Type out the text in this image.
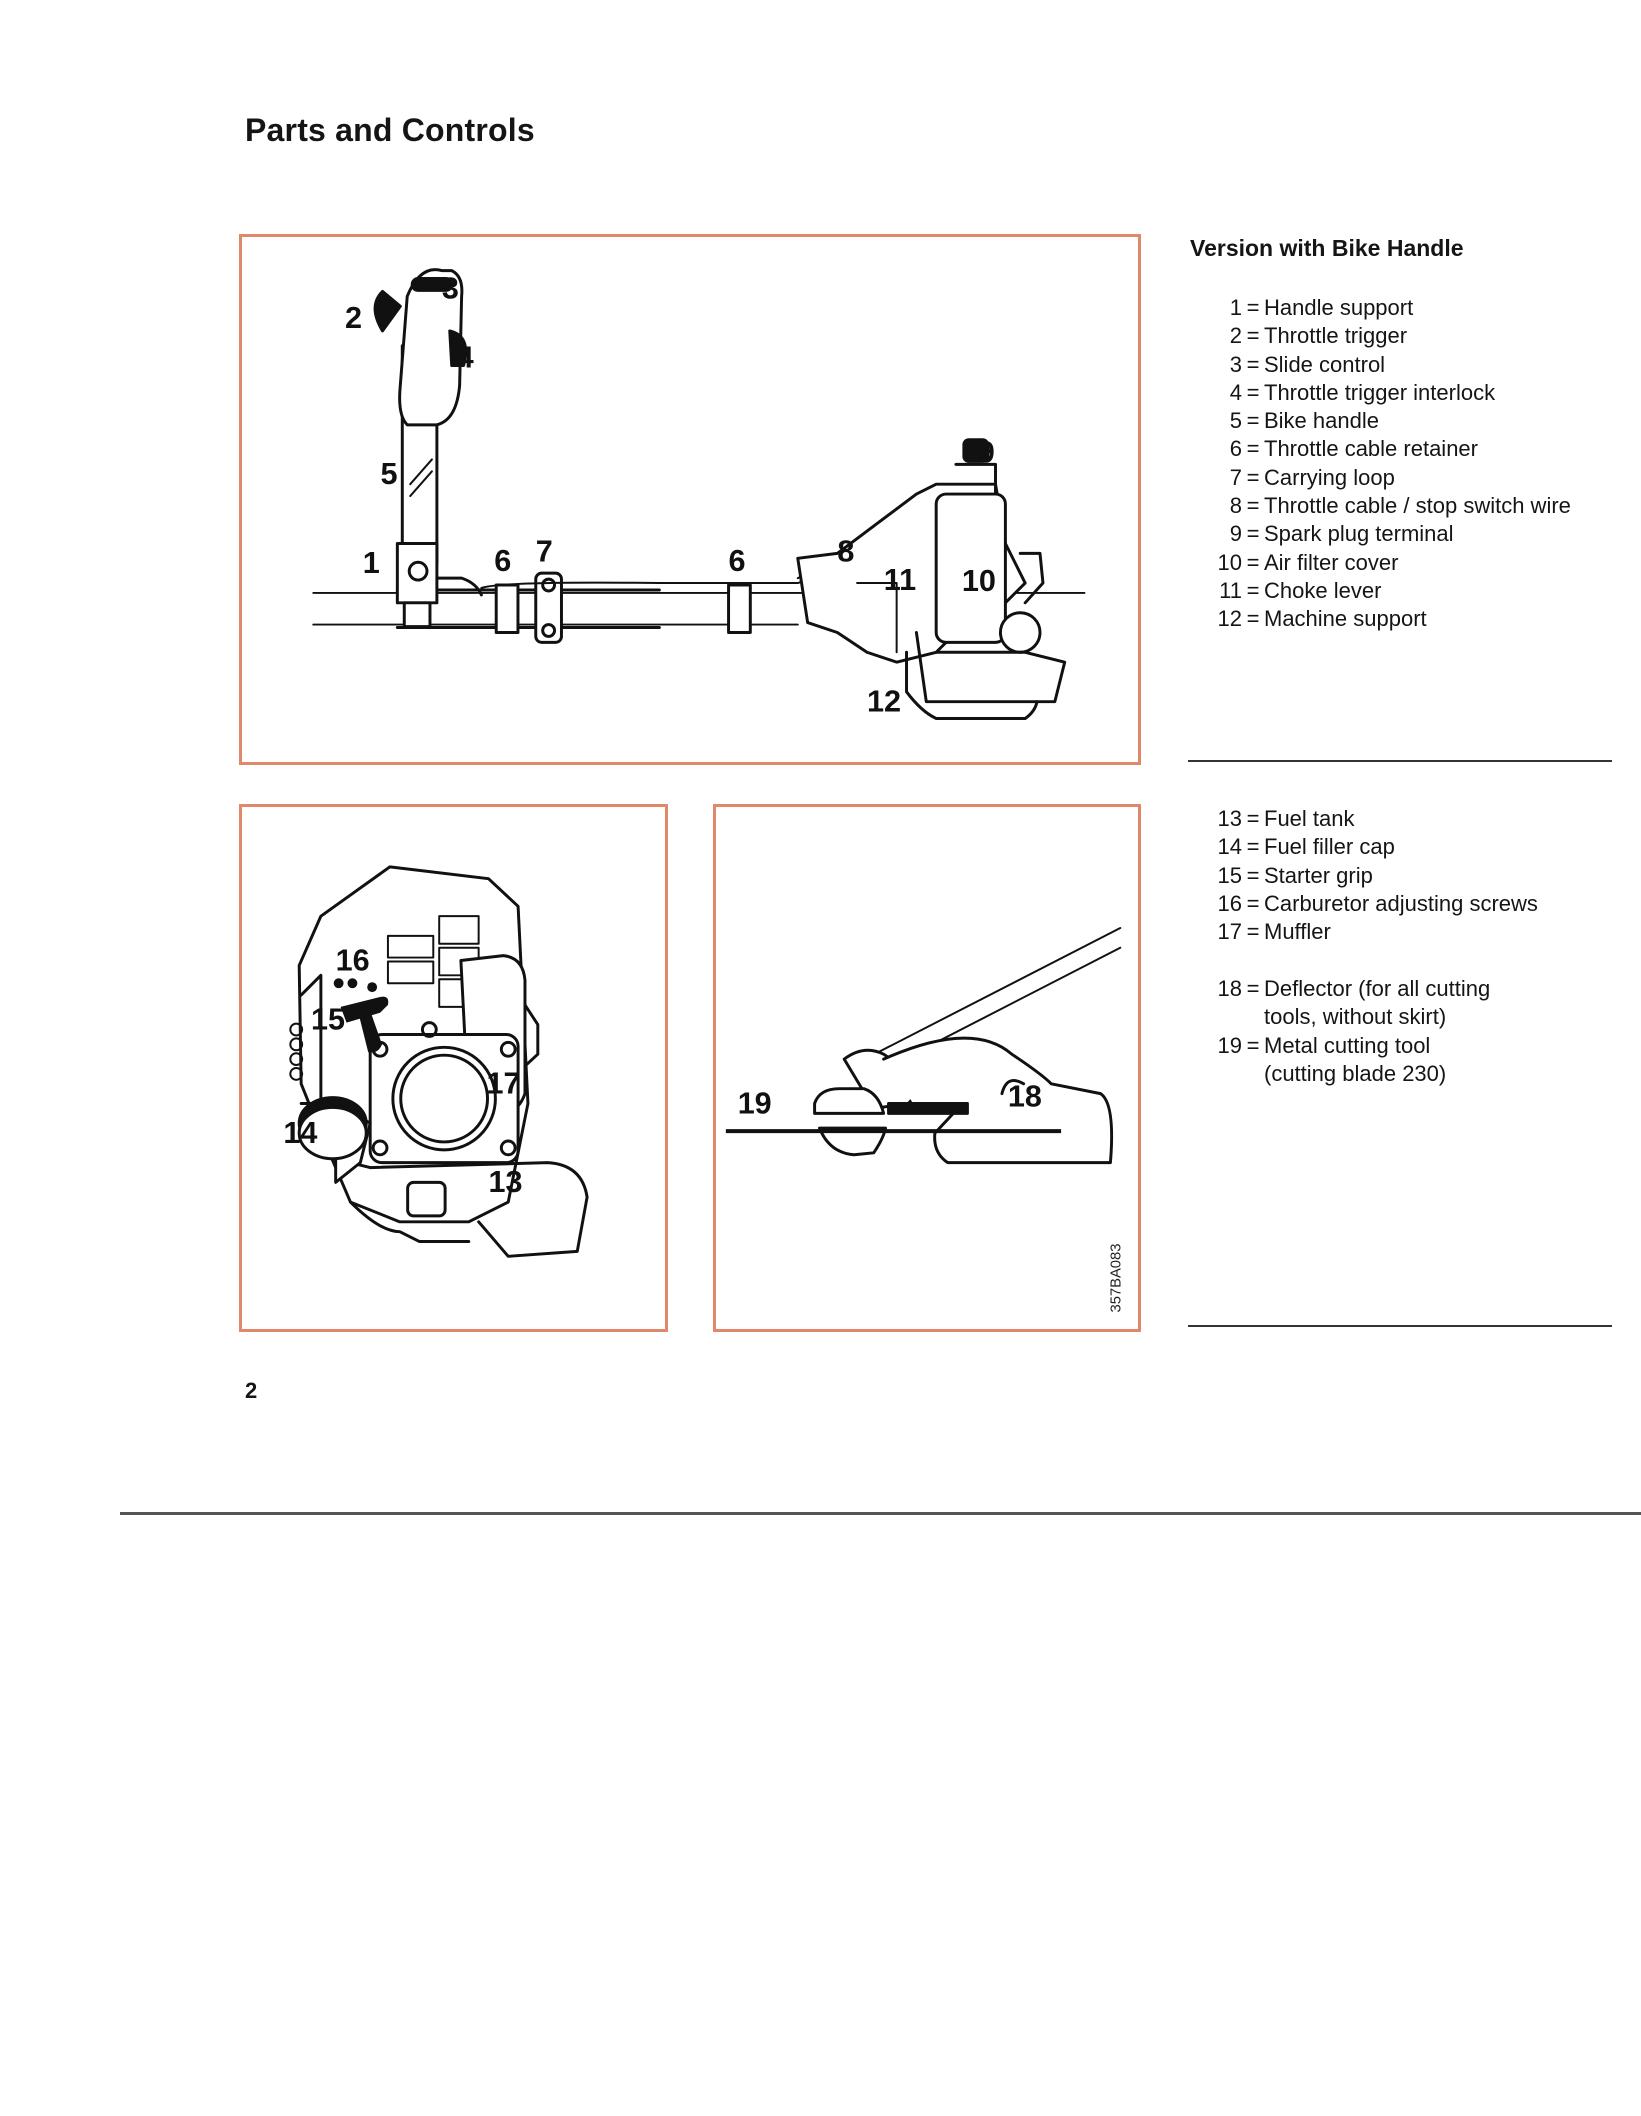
Parts and Controls
3
2
4
5
1	6 7	6	8
9
11 10
12
16
15
17
14
13
19	18
357BA083
Version with Bike Handle
1 = Handle support
2 = Throttle trigger
3 = Slide control
4 = Throttle trigger interlock
5 = Bike handle
6 = Throttle cable retainer
7 = Carrying loop
8 = Throttle cable / stop switch wire
9 = Spark plug terminal
10 = Air filter cover
11 = Choke lever
12 = Machine support
13 = Fuel tank
14 = Fuel filler cap
15 = Starter grip
16 = Carburetor adjusting screws
17 = Muffler
18 = Deflector (for all cutting
tools, without skirt)
19 = Metal cutting tool
(cutting blade 230)
2
